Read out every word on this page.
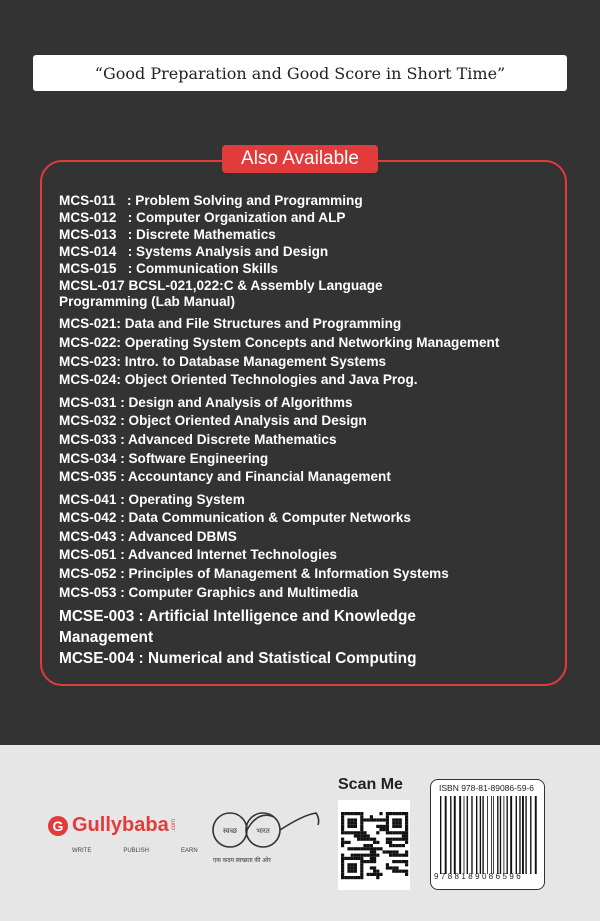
“Good Preparation and Good Score in Short Time”
Also Available
MCS-011   : Problem Solving and Programming
MCS-012   : Computer Organization and ALP
MCS-013   : Discrete Mathematics
MCS-014   : Systems Analysis and Design
MCS-015   : Communication Skills
MCSL-017 BCSL-021,022:C & Assembly Language
Programming (Lab Manual)
MCS-021: Data and File Structures and Programming
MCS-022: Operating System Concepts and Networking Management
MCS-023: Intro. to Database Management Systems
MCS-024: Object Oriented Technologies and Java Prog.
MCS-031 : Design and Analysis of Algorithms
MCS-032 : Object Oriented Analysis and Design
MCS-033 : Advanced Discrete Mathematics
MCS-034 : Software Engineering
MCS-035 : Accountancy and Financial Management
MCS-041 : Operating System
MCS-042 : Data Communication & Computer Networks
MCS-043 : Advanced DBMS
MCS-051 : Advanced Internet Technologies
MCS-052 : Principles of Management & Information Systems
MCS-053 : Computer Graphics and Multimedia
MCSE-003 : Artificial Intelligence and Knowledge
Management
MCSE-004 : Numerical and Statistical Computing
G Gullybaba .com
WRITE	PUBLISH	EARN
स्वच्छ	भारत
एक कदम स्वच्छता की ओर
Scan Me	ISBN 978-81-89086-59-6
9788189086596
